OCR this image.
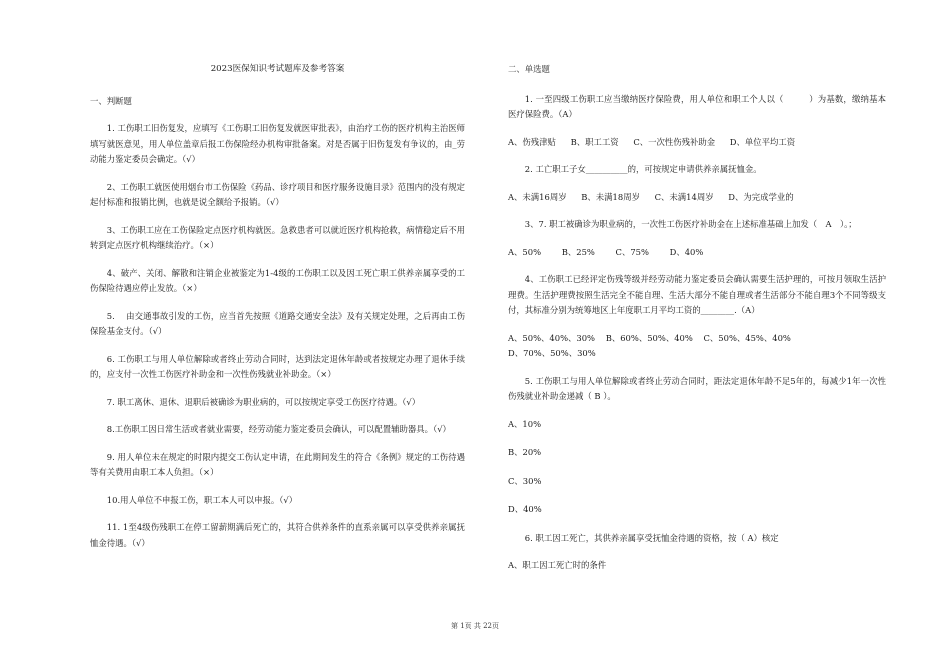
2023医保知识考试题库及参考答案
一、判断题
1. 工伤职工旧伤复发，应填写《工伤职工旧伤复发就医审批表》，由治疗工伤的医疗机构主治医师填写就医意见，用人单位盖章后报工伤保险经办机构审批备案。对是否属于旧伤复发有争议的，由_劳动能力鉴定委员会确定。（√）
2、工伤职工就医使用烟台市工伤保险《药品、诊疗项目和医疗服务设施目录》范围内的没有规定起付标准和报销比例，也就是说全额给予报销。（√）
3、工伤职工应在工伤保险定点医疗机构就医。急救患者可以就近医疗机构抢救，病情稳定后不用转到定点医疗机构继续治疗。（×）
4、破产、关闭、解散和注销企业被鉴定为1-4级的工伤职工以及因工死亡职工供养亲属享受的工伤保险待遇应停止发放。（×）
5.　 由交通事故引发的工伤，应当首先按照《道路交通安全法》及有关规定处理，之后再由工伤保险基金支付。（√）
6. 工伤职工与用人单位解除或者终止劳动合同时，达到法定退休年龄或者按规定办理了退休手续的，应支付一次性工伤医疗补助金和一次性伤残就业补助金。（×）
7. 职工离休、退休、退职后被确诊为职业病的，可以按规定享受工伤医疗待遇。（√）
8.工伤职工因日常生活或者就业需要，经劳动能力鉴定委员会确认，可以配置辅助器具。（√）
9. 用人单位未在规定的时限内提交工伤认定申请，在此期间发生的符合《条例》规定的工伤待遇等有关费用由职工本人负担。（×）
10.用人单位不申报工伤，职工本人可以申报。（√）
11. 1至4级伤残职工在停工留薪期满后死亡的，其符合供养条件的直系亲属可以享受供养亲属抚恤金待遇。（√）
二、单选题
1. 一至四级工伤职工应当缴纳医疗保险费，用人单位和职工个人以（　　　）为基数，缴纳基本医疗保险费。（A）
A、伤残津贴 B、职工工资 C、一次性伤残补助金 D、单位平均工资
2. 工亡职工子女__________的，可按规定申请供养亲属抚恤金。
A、未满16周岁 B、未满18周岁 C、未满14周岁 D、为完成学业的
3、7. 职工被确诊为职业病的，一次性工伤医疗补助金在上述标准基础上加发（　A　）。；
A、50% B、25% C、75% D、40%
4、工伤职工已经评定伤残等级并经劳动能力鉴定委员会确认需要生活护理的，可按月领取生活护理费。生活护理费按照生活完全不能自理、生活大部分不能自理或者生活部分不能自理3个不同等级支付，其标准分别为统筹地区上年度职工月平均工资的________.（A）
A、50%、40%、30% B、60%、50%、40% C、50%、45%、40% D、70%、50%、30%
5. 工伤职工与用人单位解除或者终止劳动合同时，距法定退休年龄不足5年的，每减少1年一次性伤残就业补助金递减（ B ）。
A、10%
B、20%
C、30%
D、40%
6. 职工因工死亡，其供养亲属享受抚恤金待遇的资格，按（ A）核定
A、职工因工死亡时的条件
第 1页 共 22页
